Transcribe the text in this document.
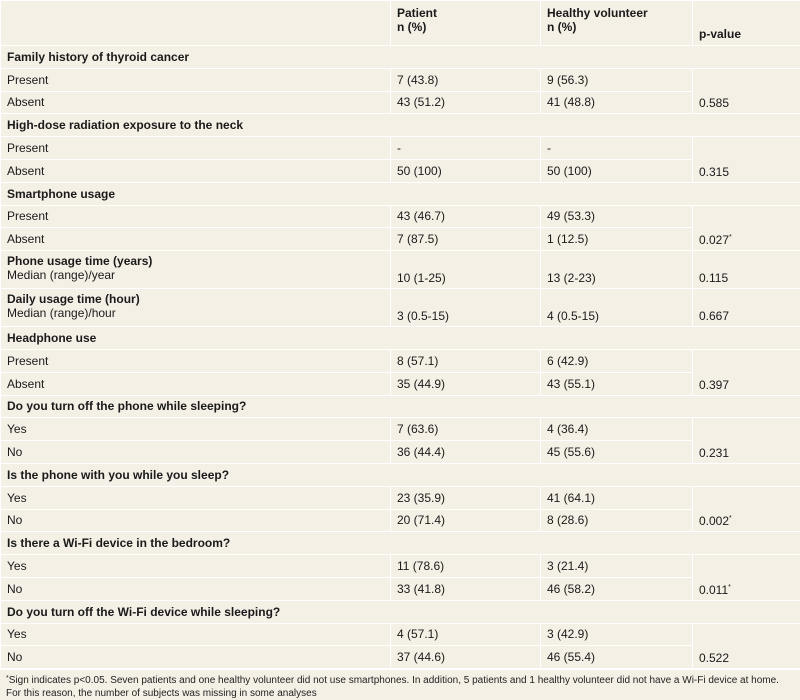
	Patient
n (%)	Healthy volunteer
n (%)	p-value
Family history of thyroid cancer			
Present	7 (43.8)	9 (56.3)	0.585
Absent	43 (51.2)	41 (48.8)	
High-dose radiation exposure to the neck			
Present	-	-	0.315
Absent	50 (100)	50 (100)	
Smartphone usage			
Present	43 (46.7)	49 (53.3)	0.027*
Absent	7 (87.5)	1 (12.5)	

Phone usage time (years)
Median (range)/year	10 (1-25)	13 (2-23)	0.115

Daily usage time (hour)
Median (range)/hour	3 (0.5-15)	4 (0.5-15)	0.667
Headphone use			
Present	8 (57.1)	6 (42.9)	0.397
Absent	35 (44.9)	43 (55.1)	
Do you turn off the phone while sleeping?			
Yes	7 (63.6)	4 (36.4)	0.231
No	36 (44.4)	45 (55.6)	
Is the phone with you while you sleep?			
Yes	23 (35.9)	41 (64.1)	0.002*
No	20 (71.4)	8 (28.6)	
Is there a Wi-Fi device in the bedroom?			
Yes	11 (78.6)	3 (21.4)	0.011*
No	33 (41.8)	46 (58.2)	
Do you turn off the Wi-Fi device while sleeping?			
Yes	4 (57.1)	3 (42.9)	0.522
No	37 (44.6)	46 (55.4)	
*Sign indicates p<0.05. Seven patients and one healthy volunteer did not use smartphones. In addition, 5 patients and 1 healthy volunteer did not have a Wi-Fi device at home. For this reason, the number of subjects was missing in some analyses
